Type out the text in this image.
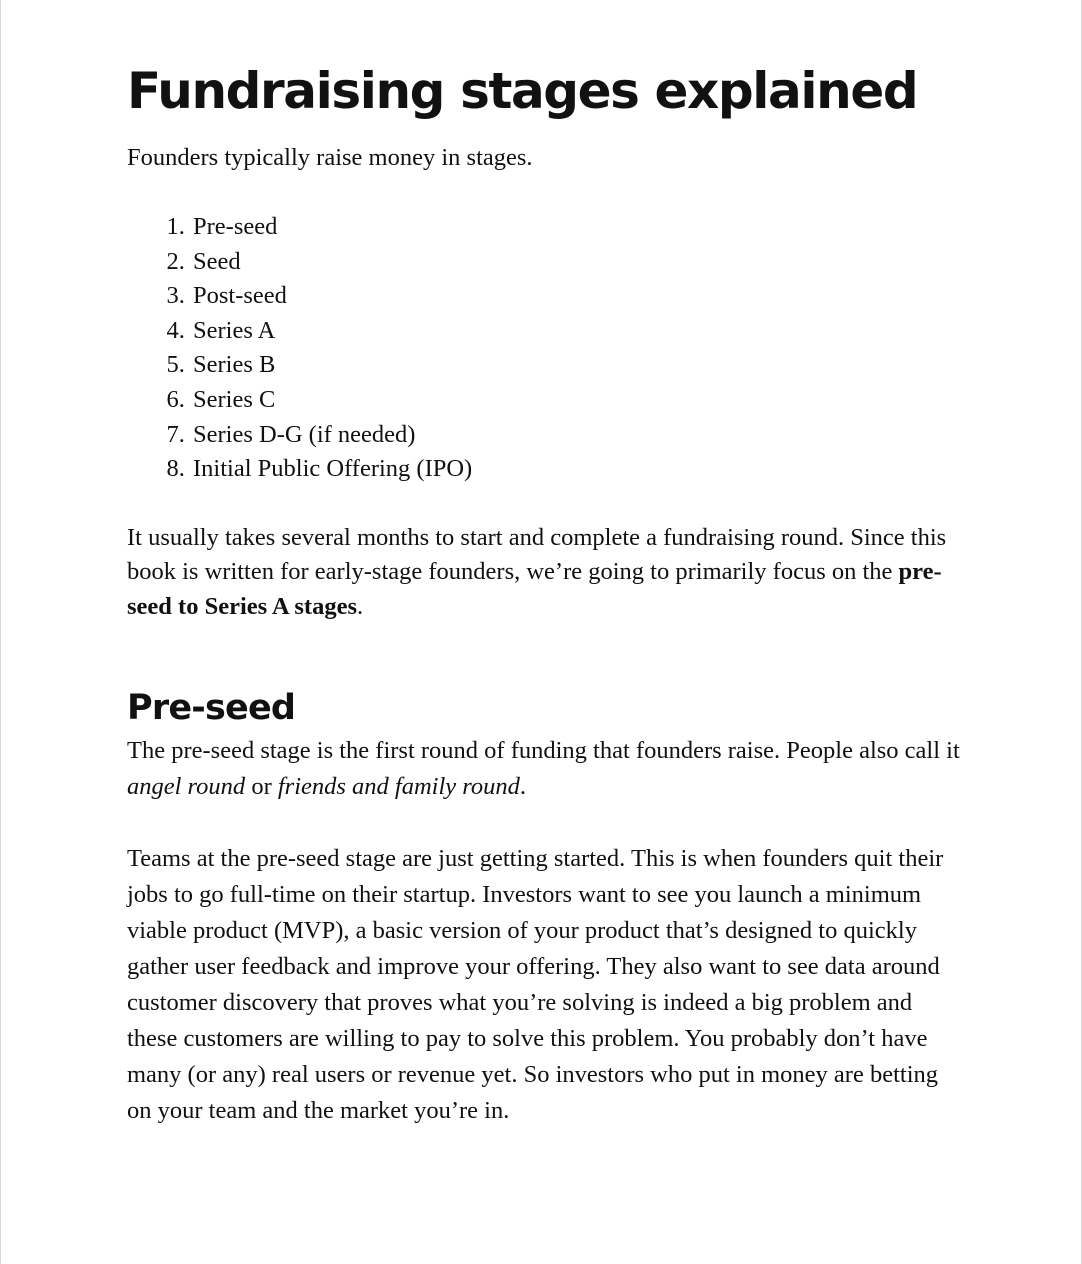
Fundraising stages explained

Founders typically raise money in stages.

1. Pre-seed
2. Seed
3. Post-seed
4. Series A
5. Series B
6. Series C
7. Series D-G (if needed)
8. Initial Public Offering (IPO)

It usually takes several months to start and complete a fundraising round. Since this book is written for early-stage founders, we’re going to primarily focus on the pre-seed to Series A stages.

Pre-seed

The pre-seed stage is the first round of funding that founders raise. People also call it angel round or friends and family round.

Teams at the pre-seed stage are just getting started. This is when founders quit their jobs to go full-time on their startup. Investors want to see you launch a minimum viable product (MVP), a basic version of your product that’s designed to quickly gather user feedback and improve your offering. They also want to see data around customer discovery that proves what you’re solving is indeed a big problem and these customers are willing to pay to solve this problem. You probably don’t have many (or any) real users or revenue yet. So investors who put in money are betting on your team and the market you’re in.
